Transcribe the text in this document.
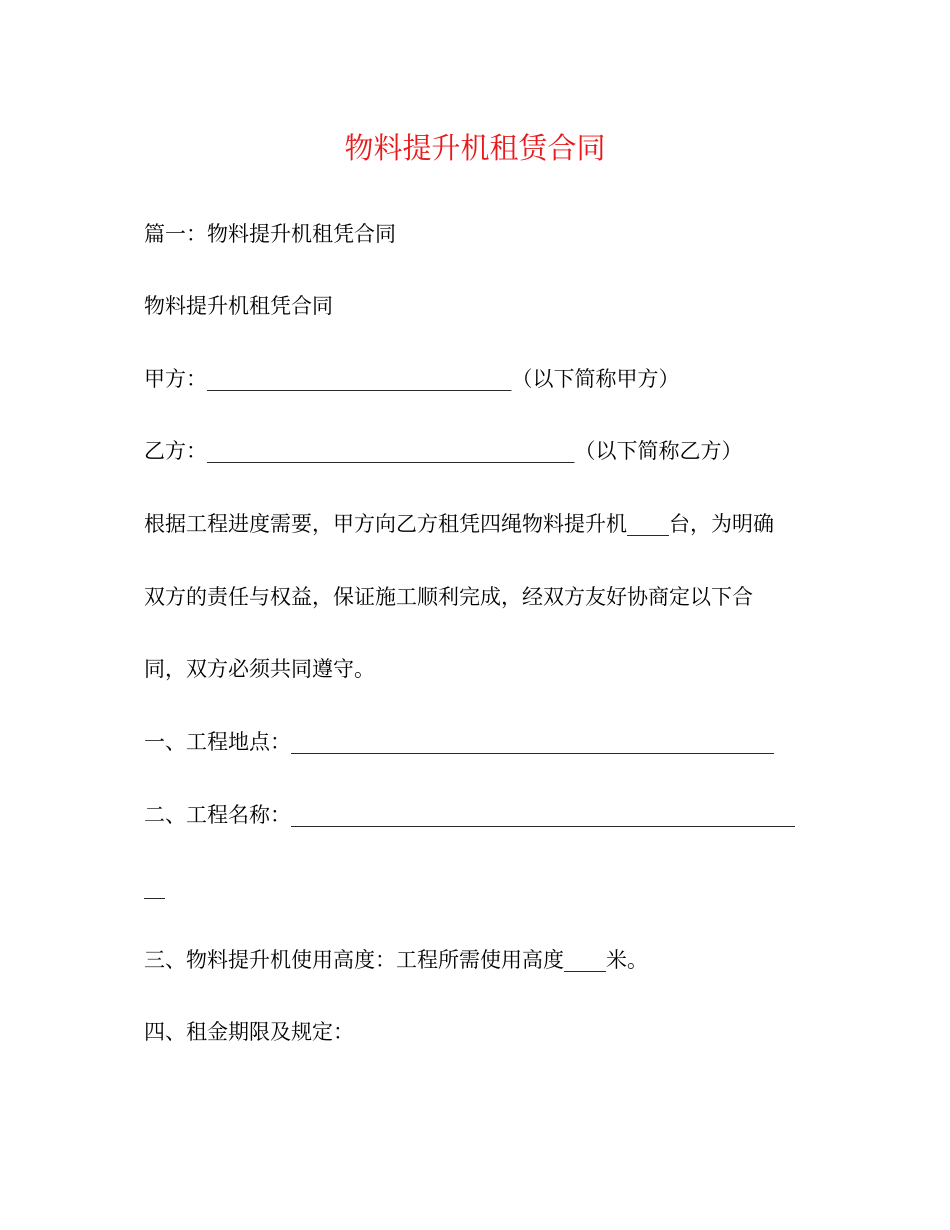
物料提升机租赁合同
篇一：物料提升机租凭合同
物料提升机租凭合同
甲方：_____________________________（以下简称甲方）
乙方：___________________________________（以下简称乙方）
根据工程进度需要，甲方向乙方租凭四绳物料提升机____台，为明确
双方的责任与权益，保证施工顺利完成，经双方友好协商定以下合
同，双方必须共同遵守。
一、工程地点：______________________________________________
二、工程名称：________________________________________________
__
三、物料提升机使用高度：工程所需使用高度____米。
四、租金期限及规定：
